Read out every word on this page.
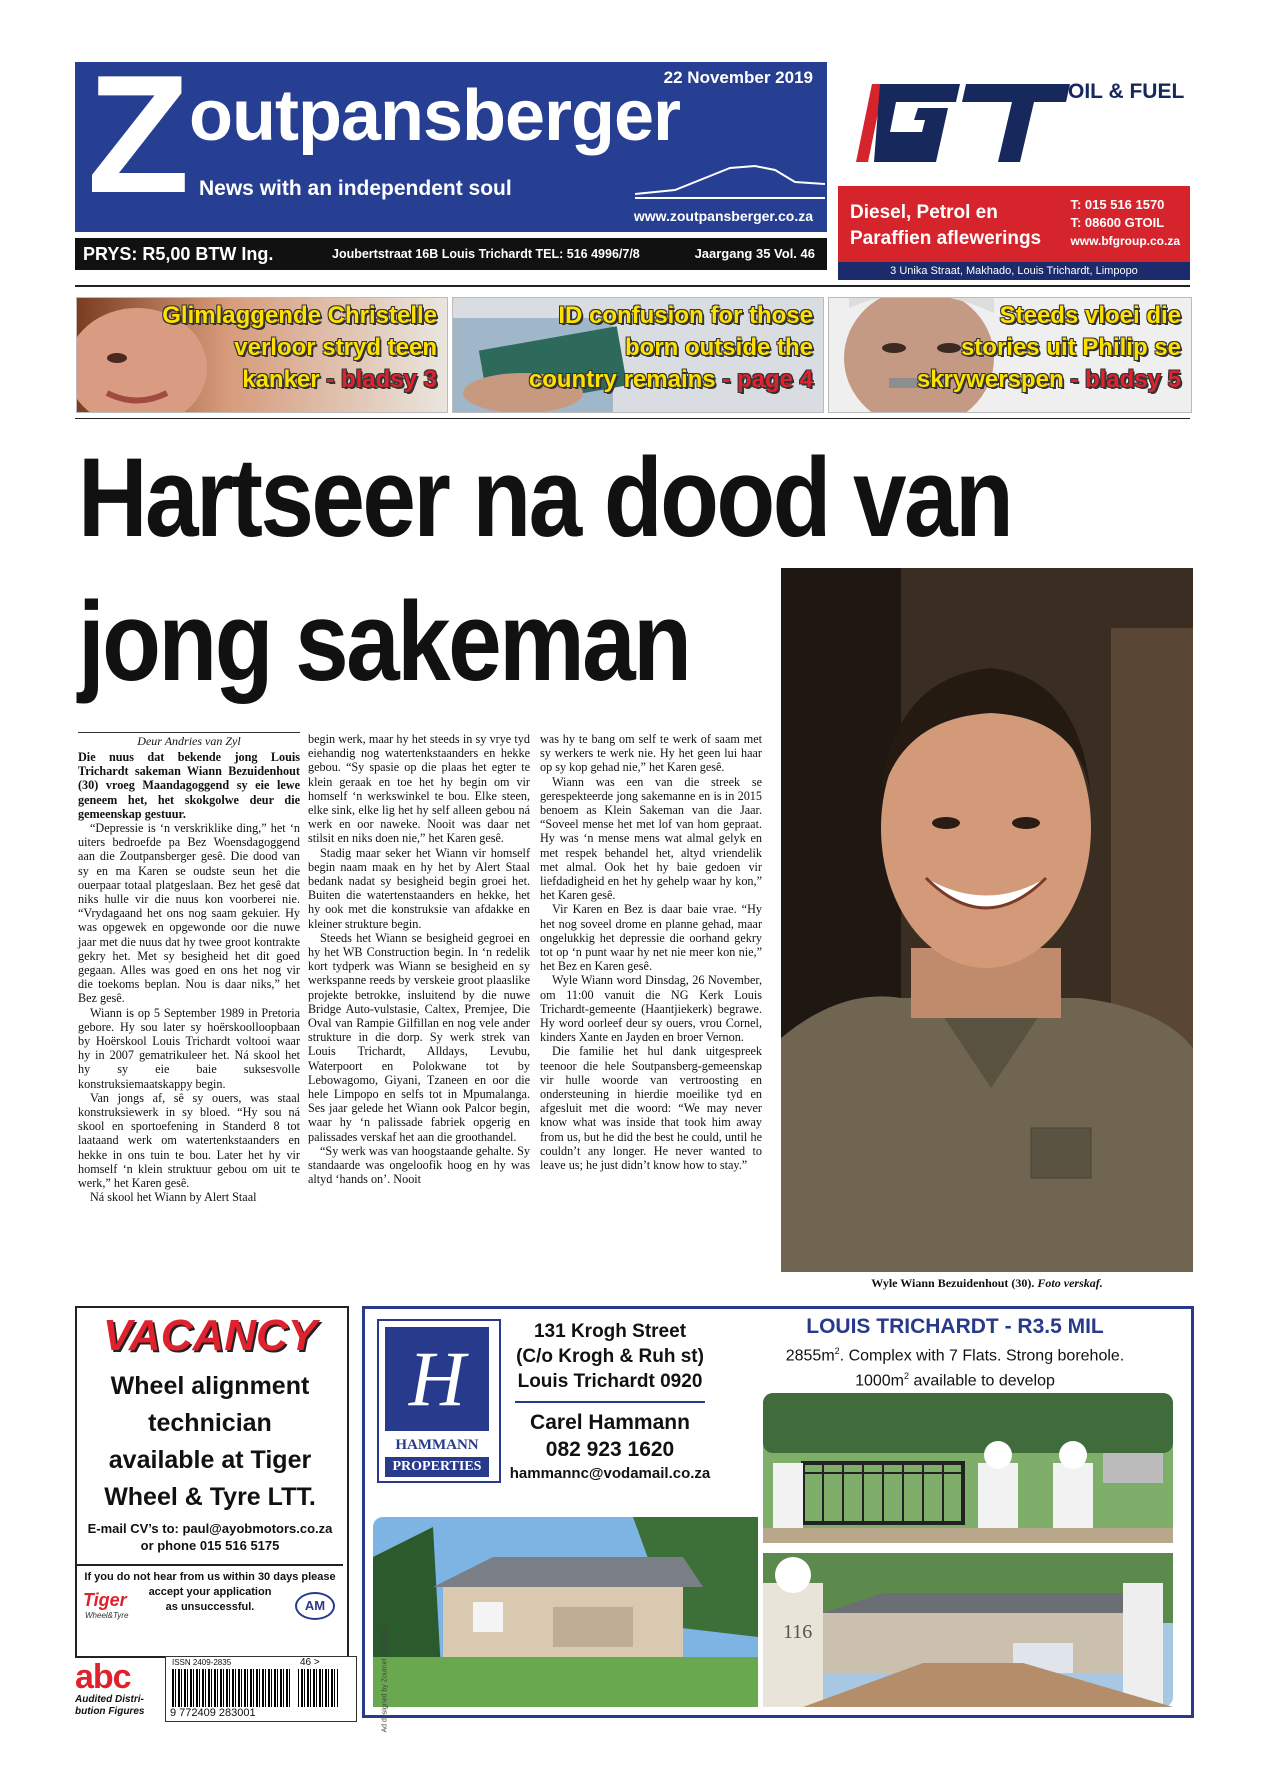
Z outpansberger
22 November 2019
News with an independent soul
www.zoutpansberger.co.za
PRYS: R5,00 BTW Ing.	Joubertstraat 16B Louis Trichardt TEL: 516 4996/7/8	Jaargang 35 Vol. 46
OIL & FUEL
Diesel, Petrol en
Paraffien aflewerings
T: 015 516 1570
T: 08600 GTOIL
www.bfgroup.co.za
3 Unika Straat, Makhado, Louis Trichardt, Limpopo
Glimlaggende Christelle
verloor stryd teen
kanker - bladsy 3
ID confusion for those
born outside the
country remains - page 4
Steeds vloei die
stories uit Philip se
skrywerspen - bladsy 5
Hartseer na dood van
jong sakeman
Wyle Wiann Bezuidenhout (30). Foto verskaf.
Deur Andries van Zyl

Die nuus dat bekende jong Louis Trichardt sakeman Wiann Bezuidenhout (30) vroeg Maandagoggend sy eie lewe geneem het, het skokgolwe deur die gemeenskap gestuur.

“Depressie is ‘n verskriklike ding,” het ‘n uiters bedroefde pa Bez Woensdagoggend aan die Zoutpansberger gesê. Die dood van sy en ma Karen se oudste seun het die ouerpaar totaal platgeslaan. Bez het gesê dat niks hulle vir die nuus kon voorberei nie. “Vrydagaand het ons nog saam gekuier. Hy was opgewek en opgewonde oor die nuwe jaar met die nuus dat hy twee groot kontrakte gekry het. Met sy besigheid het dit goed gegaan. Alles was goed en ons het nog vir die toekoms beplan. Nou is daar niks,” het Bez gesê.

Wiann is op 5 September 1989 in Pretoria gebore. Hy sou later sy hoërskoolloopbaan by Hoërskool Louis Trichardt voltooi waar hy in 2007 gematrikuleer het. Ná skool het hy sy eie baie suksesvolle konstruksiemaatskappy begin.

Van jongs af, sê sy ouers, was staal konstruksiewerk in sy bloed. “Hy sou ná skool en sportoefening in Standerd 8 tot laataand werk om watertenkstaanders en hekke in ons tuin te bou. Later het hy vir homself ‘n klein struktuur gebou om uit te werk,” het Karen gesê.

Ná skool het Wiann by Alert Staal

begin werk, maar hy het steeds in sy vrye tyd eiehandig nog watertenkstaanders en hekke gebou. “Sy spasie op die plaas het egter te klein geraak en toe het hy begin om vir homself ‘n werkswinkel te bou. Elke steen, elke sink, elke lig het hy self alleen gebou ná werk en oor naweke. Nooit was daar net stilsit en niks doen nie,” het Karen gesê.

Stadig maar seker het Wiann vir homself begin naam maak en hy het by Alert Staal bedank nadat sy besigheid begin groei het. Buiten die watertenstaanders en hekke, het hy ook met die konstruksie van afdakke en kleiner strukture begin.

Steeds het Wiann se besigheid gegroei en hy het WB Construction begin. In ‘n redelik kort tydperk was Wiann se besigheid en sy werkspanne reeds by verskeie groot plaaslike projekte betrokke, insluitend by die nuwe Bridge Auto-vulstasie, Caltex, Premjee, Die Oval van Rampie Gilfillan en nog vele ander strukture in die dorp. Sy werk strek van Louis Trichardt, Alldays, Levubu, Waterpoort en Polokwane tot by Lebowagomo, Giyani, Tzaneen en oor die hele Limpopo en selfs tot in Mpumalanga. Ses jaar gelede het Wiann ook Palcor begin, waar hy ‘n palissade fabriek opgerig en palissades verskaf het aan die groothandel.

“Sy werk was van hoogstaande gehalte. Sy standaarde was ongeloofik hoog en hy was altyd ‘hands on’. Nooit

was hy te bang om self te werk of saam met sy werkers te werk nie. Hy het geen lui haar op sy kop gehad nie,” het Karen gesê.

Wiann was een van die streek se gerespekteerde jong sakemanne en is in 2015 benoem as Klein Sakeman van die Jaar. “Soveel mense het met lof van hom gepraat. Hy was ‘n mense mens wat almal gelyk en met respek behandel het, altyd vriendelik met almal. Ook het hy baie gedoen vir liefdadigheid en het hy gehelp waar hy kon,” het Karen gesê.

Vir Karen en Bez is daar baie vrae. “Hy het nog soveel drome en planne gehad, maar ongelukkig het depressie die oorhand gekry tot op ‘n punt waar hy net nie meer kon nie,” het Bez en Karen gesê.

Wyle Wiann word Dinsdag, 26 November, om 11:00 vanuit die NG Kerk Louis Trichardt-gemeente (Haantjiekerk) begrawe. Hy word oorleef deur sy ouers, vrou Cornel, kinders Xante en Jayden en broer Vernon.

Die familie het hul dank uitgespreek teenoor die hele Soutpansberg-gemeenskap vir hulle woorde van vertroosting en ondersteuning in hierdie moeilike tyd en afgesluit met die woord: “We may never know what was inside that took him away from us, but he did the best he could, until he couldn’t any longer. He never wanted to leave us; he just didn’t know how to stay.”

VACANCY
Wheel alignment
technician
available at Tiger
Wheel & Tyre LTT.
E-mail CV’s to: paul@ayobmotors.co.za
or phone 015 516 5175
If you do not hear from us within 30 days please
accept your application
as unsuccessful.
Tiger
Wheel&Tyre
AM
abc
Audited Distri-
bution Figures
ISSN 2409-2835	46 >
9 772409 283001
H
HAMMANN
PROPERTIES
131 Krogh Street
(C/o Krogh & Ruh st)
Louis Trichardt 0920
Carel Hammann
082 923 1620
hammannc@vodamail.co.za
LOUIS TRICHARDT - R3.5 MIL
$2855m^2$. Complex with 7 Flats. Strong borehole.
$1000m^2$ available to develop
116
Ad designed by Zoutnet Publishers
